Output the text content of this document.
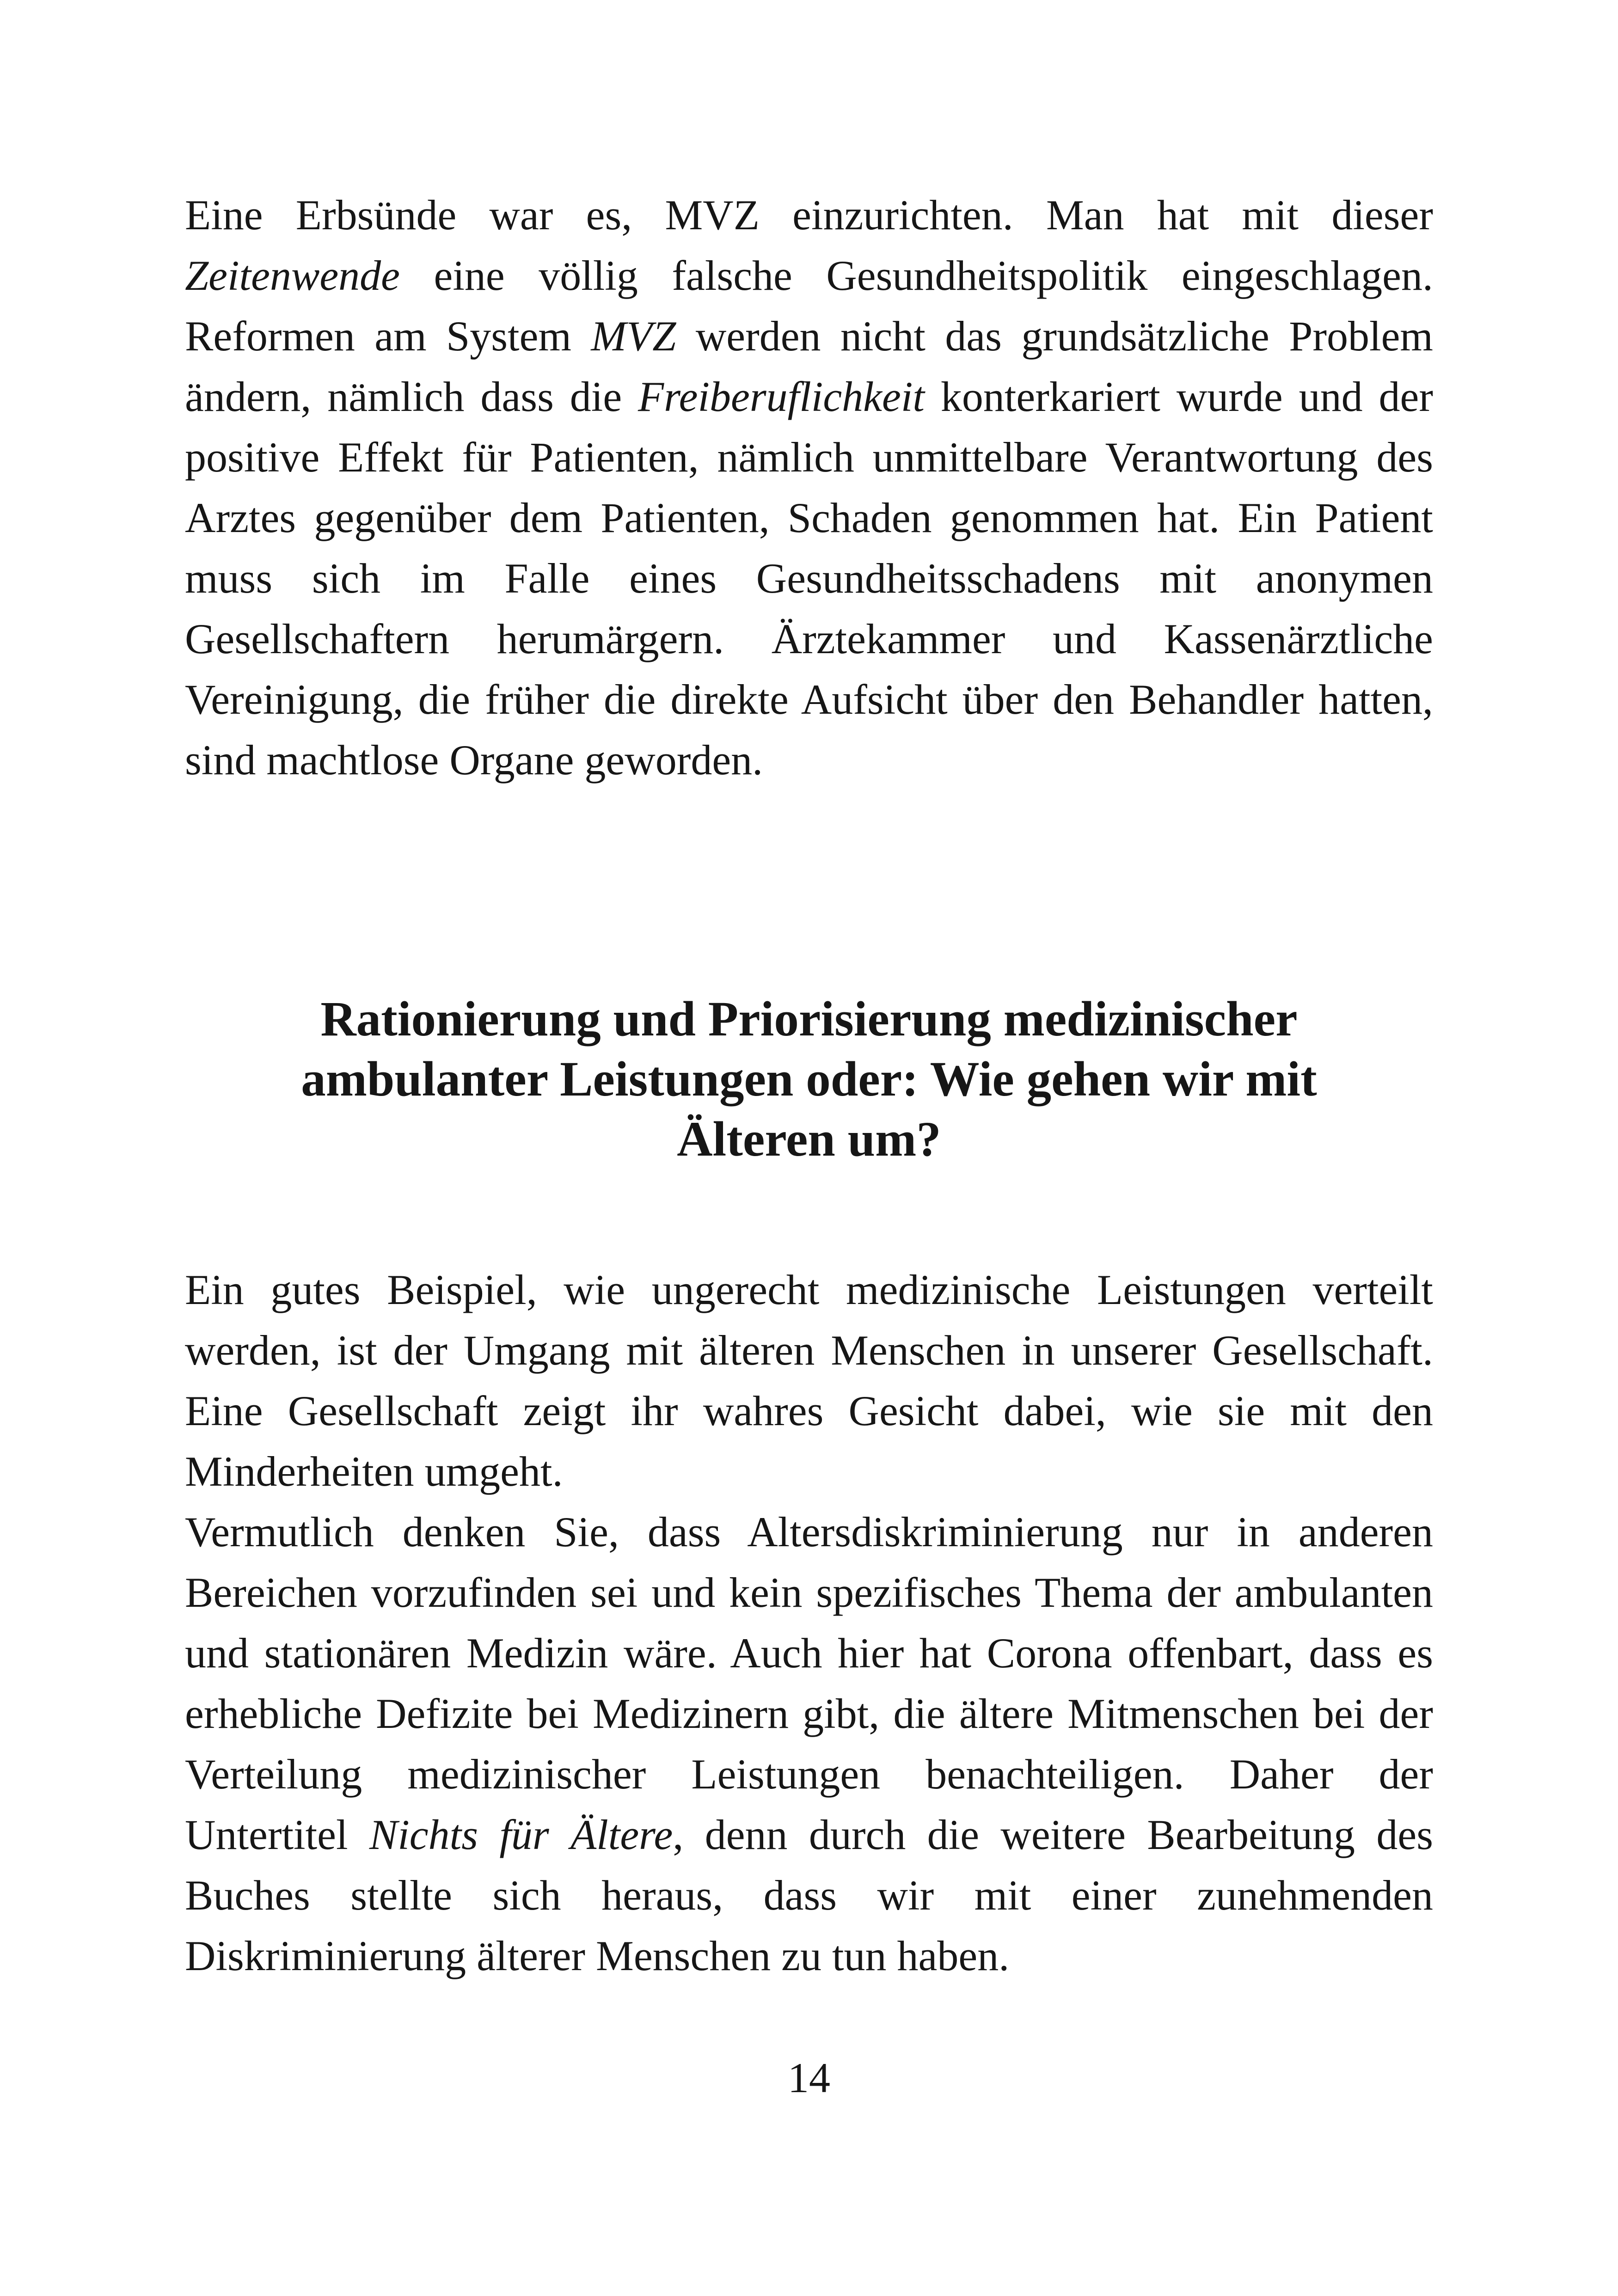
Eine Erbsünde war es, MVZ einzurichten. Man hat mit dieser Zeitenwende eine völlig falsche Gesundheitspolitik eingeschlagen. Reformen am System MVZ werden nicht das grundsätzliche Problem ändern, nämlich dass die Freiberuflichkeit konterkariert wurde und der positive Effekt für Patienten, nämlich unmittelbare Verantwortung des Arztes gegenüber dem Patienten, Schaden genommen hat. Ein Patient muss sich im Falle eines Gesundheitsschadens mit anonymen Gesellschaftern herumärgern. Ärztekammer und Kassenärztliche Vereinigung, die früher die direkte Aufsicht über den Behandler hatten, sind machtlose Organe geworden.

Rationierung und Priorisierung medizinischer
ambulanter Leistungen oder: Wie gehen wir mit
Älteren um?

Ein gutes Beispiel, wie ungerecht medizinische Leistungen verteilt werden, ist der Umgang mit älteren Menschen in unserer Gesellschaft. Eine Gesellschaft zeigt ihr wahres Gesicht dabei, wie sie mit den Minderheiten umgeht.

Vermutlich denken Sie, dass Altersdiskriminierung nur in anderen Bereichen vorzufinden sei und kein spezifisches Thema der ambulanten und stationären Medizin wäre. Auch hier hat Corona offenbart, dass es erhebliche Defizite bei Medizinern gibt, die ältere Mitmenschen bei der Verteilung medizinischer Leistungen benachteiligen. Daher der Untertitel Nichts für Ältere, denn durch die weitere Bearbeitung des Buches stellte sich heraus, dass wir mit einer zunehmenden Diskriminierung älterer Menschen zu tun haben.

14
